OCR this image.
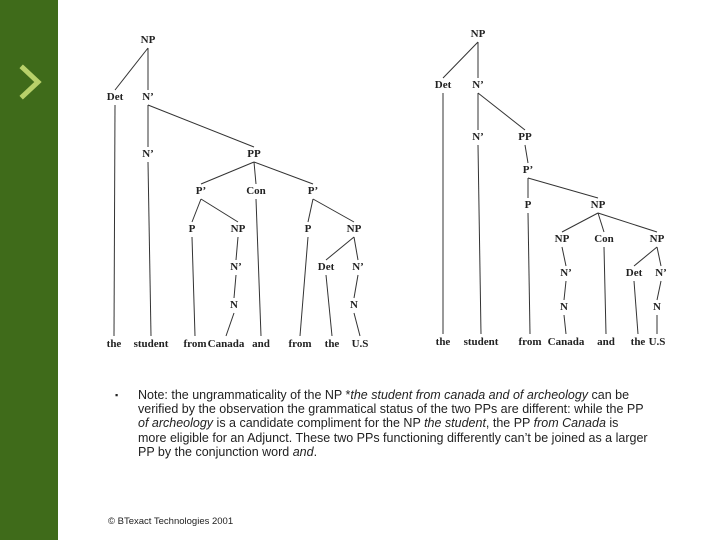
NP
Det N’
N’	PP
P’	Con	P’
P	NP	P	NP
N’	Det N’
N	N
the student from Canada and from the U.S
NP
Det N’
N’	PP
P’
P	NP
NP Con	NP
N’	Det N’
N	N
the student from Canada and the U.S
▪ Note: the ungrammaticality of the NP *the student from canada and of archeology can be verified by the observation the grammatical status of the two PPs are different: while the PP of archeology is a candidate compliment for the NP the student, the PP from Canada is more eligible for an Adjunct. These two PPs functioning differently can’t be joined as a larger PP by the conjunction word and.
© BTexact Technologies 2001
